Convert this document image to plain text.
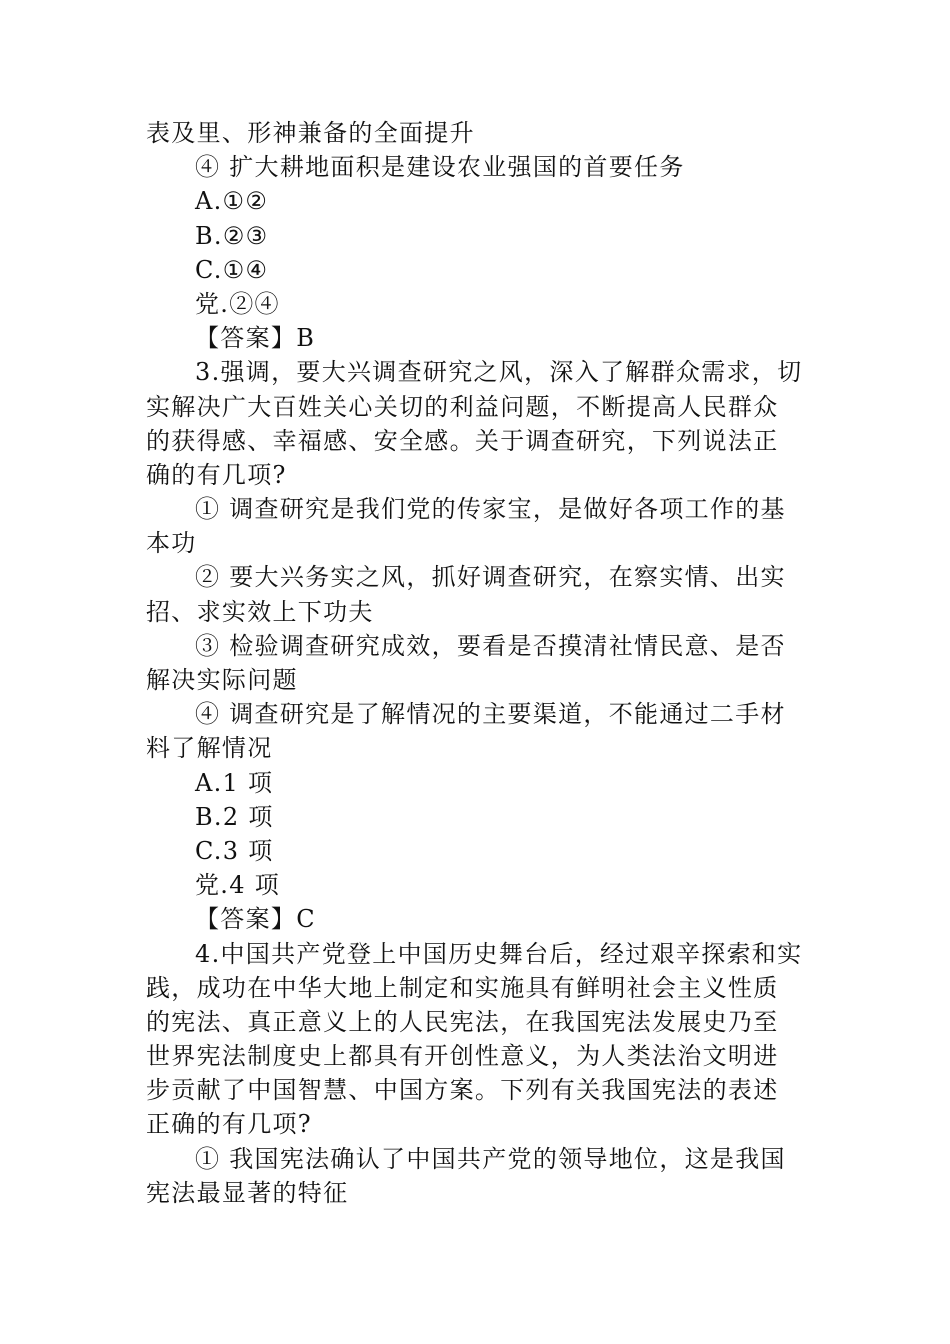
表及里、形神兼备的全面提升
④ 扩大耕地面积是建设农业强国的首要任务
A.①②
B.②③
C.①④
党.②④
【答案】B
3.强调，要大兴调查研究之风，深入了解群众需求，切
实解决广大百姓关心关切的利益问题，不断提高人民群众
的获得感、幸福感、安全感。关于调查研究，下列说法正
确的有几项?
① 调查研究是我们党的传家宝，是做好各项工作的基
本功
② 要大兴务实之风，抓好调查研究，在察实情、出实
招、求实效上下功夫
③ 检验调查研究成效，要看是否摸清社情民意、是否
解决实际问题
④ 调查研究是了解情况的主要渠道，不能通过二手材
料了解情况
A.1 项
B.2 项
C.3 项
党.4 项
【答案】C
4.中国共产党登上中国历史舞台后，经过艰辛探索和实
践，成功在中华大地上制定和实施具有鲜明社会主义性质
的宪法、真正意义上的人民宪法，在我国宪法发展史乃至
世界宪法制度史上都具有开创性意义，为人类法治文明进
步贡献了中国智慧、中国方案。下列有关我国宪法的表述
正确的有几项?
① 我国宪法确认了中国共产党的领导地位，这是我国
宪法最显著的特征
